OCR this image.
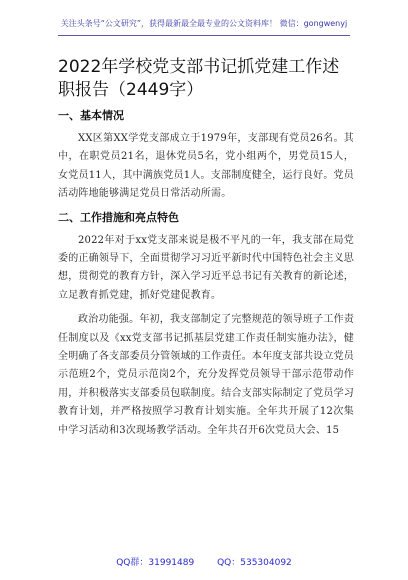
关注头条号“公文研究”，获得最新最全最专业的公文资料库！ 微信：gongwenyj
2022年学校党支部书记抓党建工作述职报告（2449字）
一、基本情况

XX区第XX学党支部成立于1979年，支部现有党员26名。其中，在职党员21名，退休党员5名，党小组两个，男党员15人，女党员11人，其中满族党员1人。支部制度健全，运行良好。党员活动阵地能够满足党员日常活动所需。

二、工作措施和亮点特色

2022年对于xx党支部来说是极不平凡的一年，我支部在局党委的正确领导下，全面贯彻学习习近平新时代中国特色社会主义思想，贯彻党的教育方针，深入学习近平总书记有关教育的新论述，立足教育抓党建，抓好党建促教育。

政治功能强。年初，我支部制定了完整规范的领导班子工作责任制度以及《xx党支部书记抓基层党建工作责任制实施办法》，健全明确了各支部委员分管领域的工作责任。本年度支部共设立党员示范班2个，党员示范岗2个，充分发挥党员领导干部示范带动作用，并积极落实支部委员包联制度。结合支部实际制定了党员学习教育计划，并严格按照学习教育计划实施。全年共开展了12次集中学习活动和3次现场教学活动。全年共召开6次党员大会、15

QQ群：31991489	QQ：535304092
